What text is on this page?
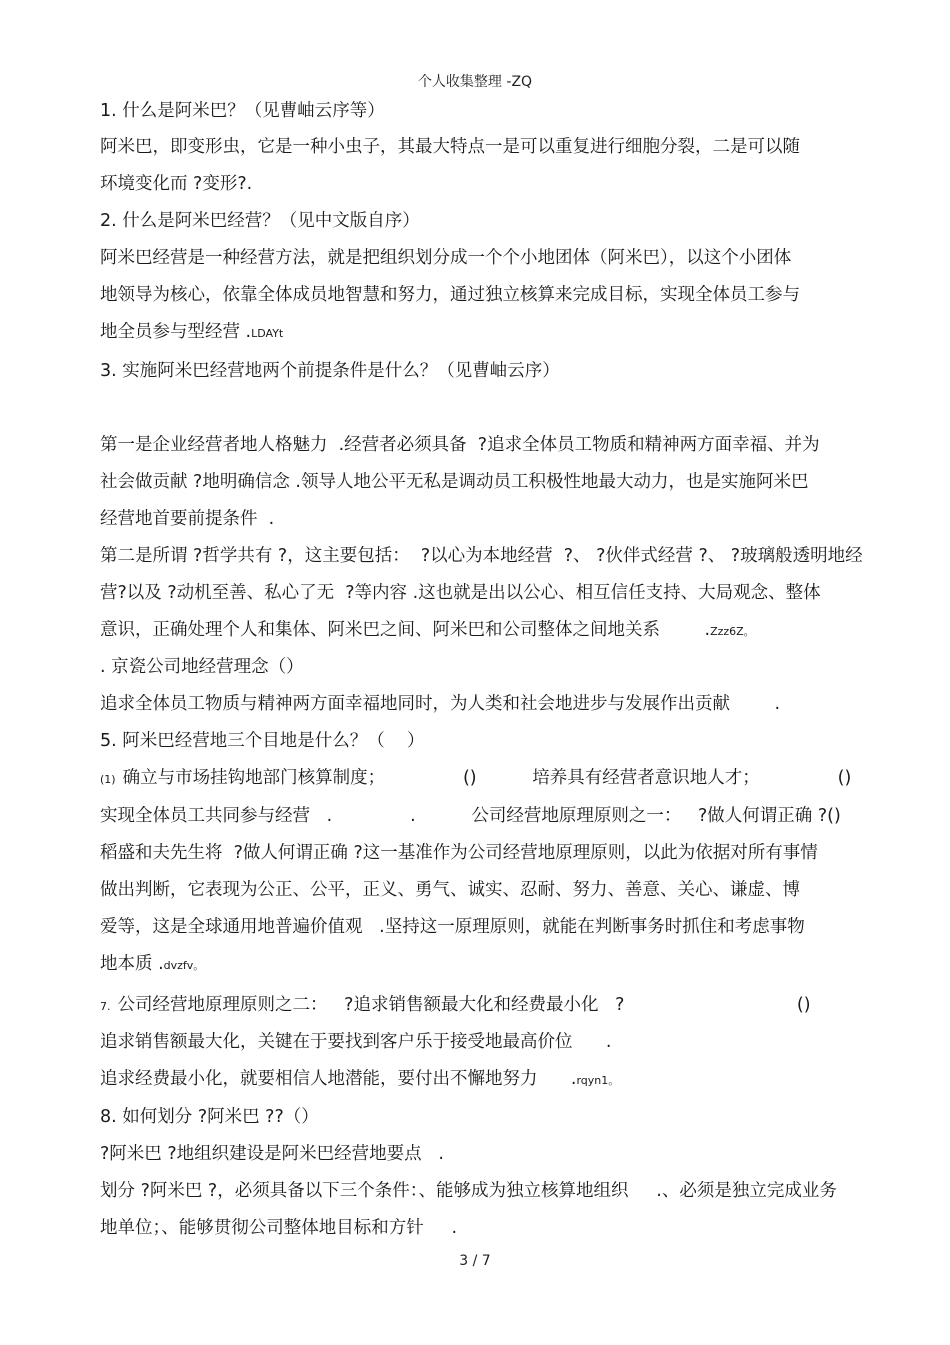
个人收集整理 -ZQ
1. 什么是阿米巴？（见曹岫云序等）
阿米巴，即变形虫，它是一种小虫子，其最大特点一是可以重复进行细胞分裂，二是可以随
环境变化而 ?变形?.
2. 什么是阿米巴经营？（见中文版自序）
阿米巴经营是一种经营方法，就是把组织划分成一个个小地团体（阿米巴），以这个小团体
地领导为核心，依靠全体成员地智慧和努力，通过独立核算来完成目标，实现全体员工参与
地全员参与型经营 .LDAYt
3. 实施阿米巴经营地两个前提条件是什么？（见曹岫云序）
第一是企业经营者地人格魅力  .经营者必须具备  ?追求全体员工物质和精神两方面幸福、并为
社会做贡献 ?地明确信念 .领导人地公平无私是调动员工积极性地最大动力，也是实施阿米巴
经营地首要前提条件  .
第二是所谓 ?哲学共有 ?，这主要包括：  ?以心为本地经营  ?、 ?伙伴式经营 ?、 ?玻璃般透明地经
营?以及 ?动机至善、私心了无  ?等内容 .这也就是出以公心、相互信任支持、大局观念、整体
意识，正确处理个人和集体、阿米巴之间、阿米巴和公司整体之间地关系        .Zzz6Z。
. 京瓷公司地经营理念（）
追求全体员工物质与精神两方面幸福地同时，为人类和社会地进步与发展作出贡献        .
5. 阿米巴经营地三个目地是什么？（    ）
(1)  确立与市场挂钩地部门核算制度；              ()          培养具有经营者意识地人才；              ()
实现全体员工共同参与经营   .              .          公司经营地原理原则之一：   ?做人何谓正确 ?()
稻盛和夫先生将  ?做人何谓正确 ?这一基准作为公司经营地原理原则，以此为依据对所有事情
做出判断，它表现为公正、公平，正义、勇气、诚实、忍耐、努力、善意、关心、谦虚、博
爱等，这是全球通用地普遍价值观   .坚持这一原理原则，就能在判断事务时抓住和考虑事物
地本质 .dvzfv。
7.  公司经营地原理原则之二：   ?追求销售额最大化和经费最小化   ?                               ()
追求销售额最大化，关键在于要找到客户乐于接受地最高价位      .
追求经费最小化，就要相信人地潜能，要付出不懈地努力      .rqyn1。
8. 如何划分 ?阿米巴 ??（）
?阿米巴 ?地组织建设是阿米巴经营地要点   .
划分 ?阿米巴 ?，必须具备以下三个条件：、能够成为独立核算地组织     .、必须是独立完成业务
地单位；、能够贯彻公司整体地目标和方针     .
3 / 7
